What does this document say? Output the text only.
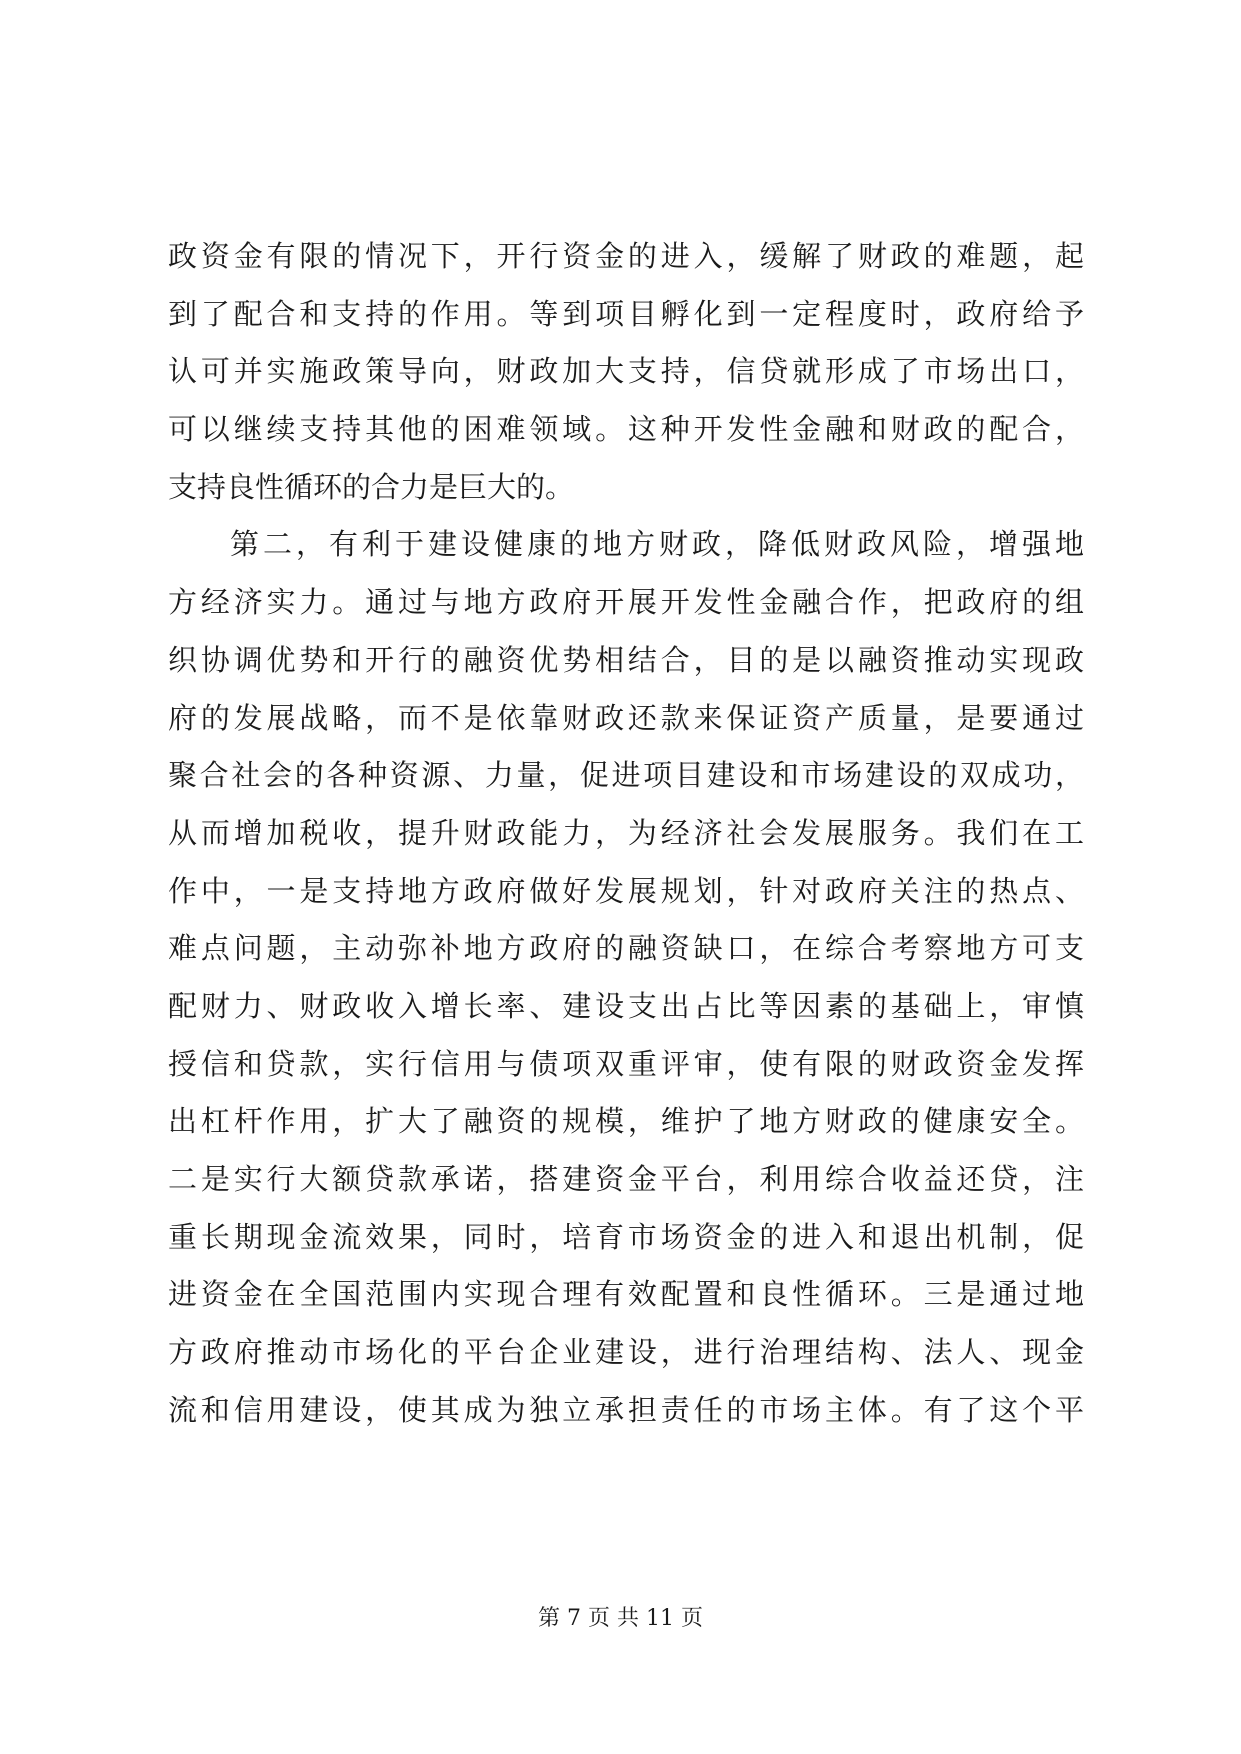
政资金有限的情况下，开行资金的进入，缓解了财政的难题，起
到了配合和支持的作用。等到项目孵化到一定程度时，政府给予
认可并实施政策导向，财政加大支持，信贷就形成了市场出口，
可以继续支持其他的困难领域。这种开发性金融和财政的配合，
支持良性循环的合力是巨大的。
第二，有利于建设健康的地方财政，降低财政风险，增强地
方经济实力。通过与地方政府开展开发性金融合作，把政府的组
织协调优势和开行的融资优势相结合，目的是以融资推动实现政
府的发展战略，而不是依靠财政还款来保证资产质量，是要通过
聚合社会的各种资源、力量，促进项目建设和市场建设的双成功，
从而增加税收，提升财政能力，为经济社会发展服务。我们在工
作中，一是支持地方政府做好发展规划，针对政府关注的热点、
难点问题，主动弥补地方政府的融资缺口，在综合考察地方可支
配财力、财政收入增长率、建设支出占比等因素的基础上，审慎
授信和贷款，实行信用与债项双重评审，使有限的财政资金发挥
出杠杆作用，扩大了融资的规模，维护了地方财政的健康安全。
二是实行大额贷款承诺，搭建资金平台，利用综合收益还贷，注
重长期现金流效果，同时，培育市场资金的进入和退出机制，促
进资金在全国范围内实现合理有效配置和良性循环。三是通过地
方政府推动市场化的平台企业建设，进行治理结构、法人、现金
流和信用建设，使其成为独立承担责任的市场主体。有了这个平
第 7 页 共 11 页
